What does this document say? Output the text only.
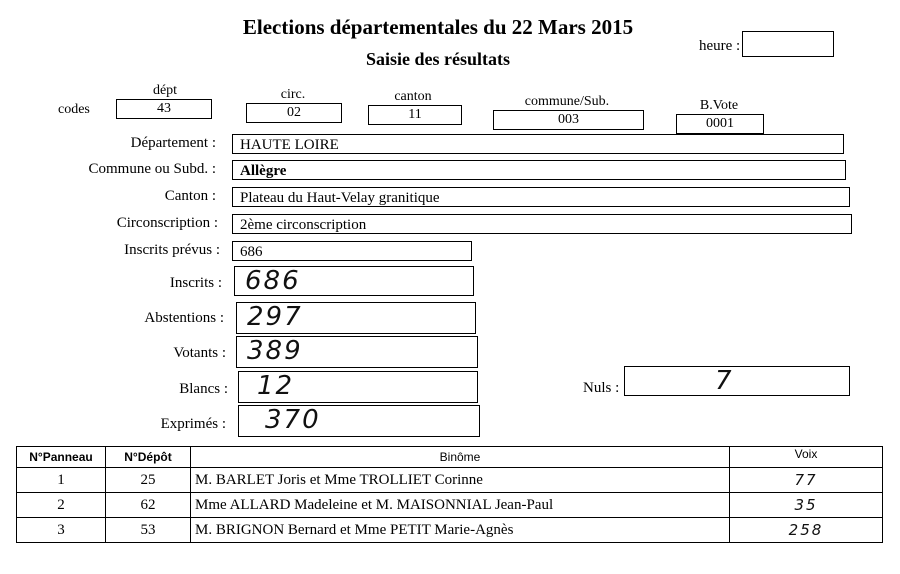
Elections départementales du 22 Mars 2015
Saisie des résultats
heure :
codes
dépt
43
circ.
02
canton
11
commune/Sub.
003
B.Vote
0001
Département :	HAUTE LOIRE
Commune ou Subd. :	Allègre
Canton :	Plateau du Haut-Velay granitique
Circonscription :	2ème circonscription
Inscrits prévus :	686
Inscrits : 686
Abstentions : 297
Votants : 389
Blancs :	12	Nuls :	7
Exprimés :	370
N°Panneau	N°Dépôt	Binôme	Voix
1	25	M. BARLET Joris et Mme TROLLIET Corinne	77
2	62	Mme ALLARD Madeleine et M. MAISONNIAL Jean-Paul	35
3	53	M. BRIGNON Bernard et Mme PETIT Marie-Agnès	258
